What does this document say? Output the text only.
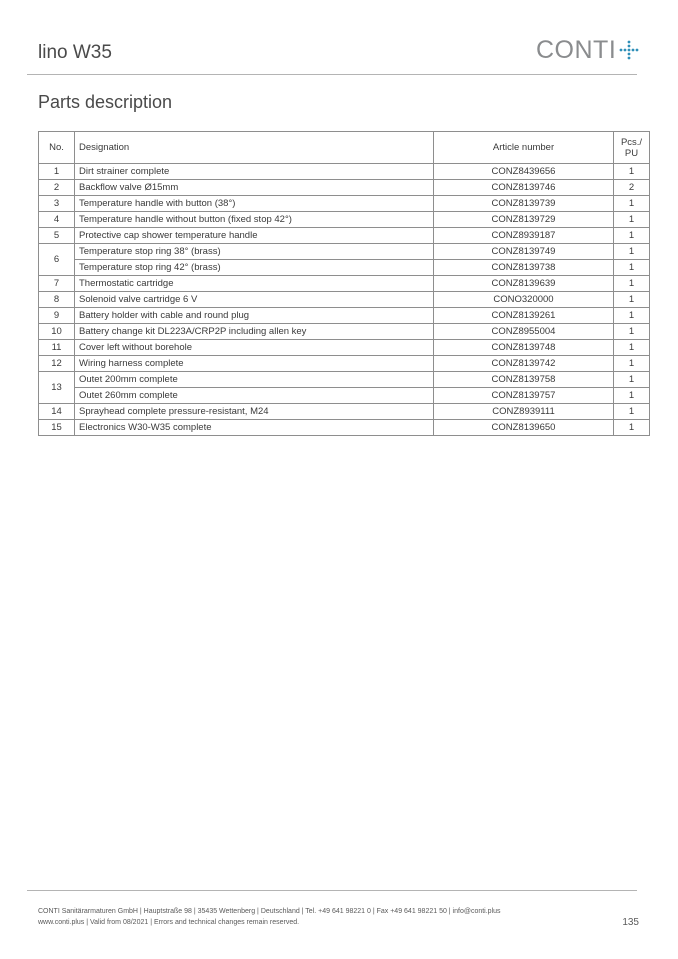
lino W35	CONTI
Parts description
No.	Designation	Article number	Pcs./
PU
1	Dirt strainer complete	CONZ8439656	1
2	Backflow valve Ø15mm	CONZ8139746	2
3	Temperature handle with button (38°)	CONZ8139739	1
4	Temperature handle without button (fixed stop 42°)	CONZ8139729	1
5	Protective cap shower temperature handle	CONZ8939187	1
6	Temperature stop ring 38° (brass)	CONZ8139749	1
	Temperature stop ring 42° (brass)	CONZ8139738	1
7	Thermostatic cartridge	CONZ8139639	1
8	Solenoid valve cartridge 6 V	CONO320000	1
9	Battery holder with cable and round plug	CONZ8139261	1
10	Battery change kit DL223A/CRP2P including allen key	CONZ8955004	1
11	Cover left without borehole	CONZ8139748	1
12	Wiring harness complete	CONZ8139742	1
13	Outet 200mm complete	CONZ8139758	1
	Outet 260mm complete	CONZ8139757	1
14	Sprayhead complete pressure-resistant, M24	CONZ8939111	1
15	Electronics W30-W35 complete	CONZ8139650	1
CONTI Sanitärarmaturen GmbH | Hauptstraße 98 | 35435 Wettenberg | Deutschland | Tel. +49 641 98221 0 | Fax +49 641 98221 50 | info@conti.plus
www.conti.plus | Valid from 08/2021 | Errors and technical changes remain reserved.	135
